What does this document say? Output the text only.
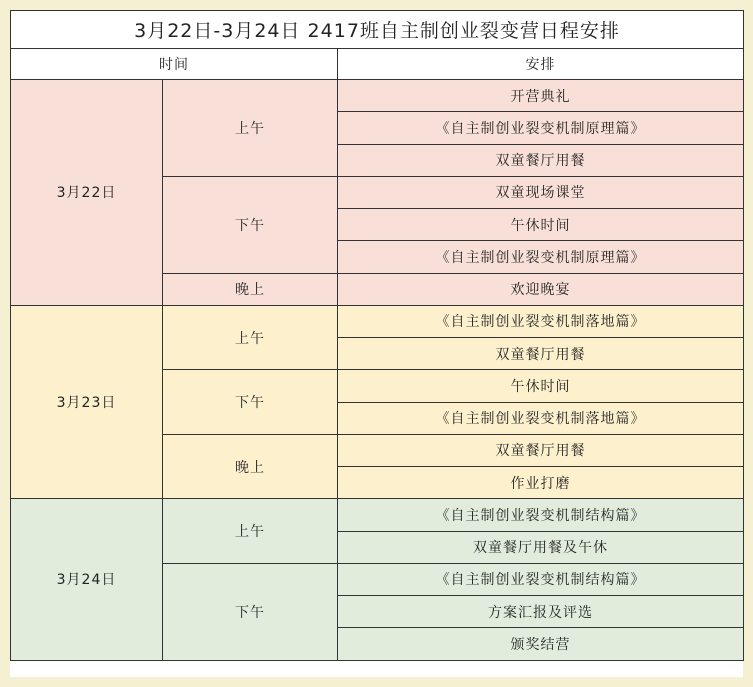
3月22日-3月24日 2417班自主制创业裂变营日程安排		
时间		安排
3月22日	上午	开营典礼
		《自主制创业裂变机制原理篇》
		双童餐厅用餐
	下午	双童现场课堂
		午休时间
		《自主制创业裂变机制原理篇》
	晚上	欢迎晚宴
3月23日	上午	《自主制创业裂变机制落地篇》
		双童餐厅用餐
	下午	午休时间
		《自主制创业裂变机制落地篇》
	晚上	双童餐厅用餐
		作业打磨
3月24日	上午	《自主制创业裂变机制结构篇》
		双童餐厅用餐及午休
	下午	《自主制创业裂变机制结构篇》
		方案汇报及评选
		颁奖结营
